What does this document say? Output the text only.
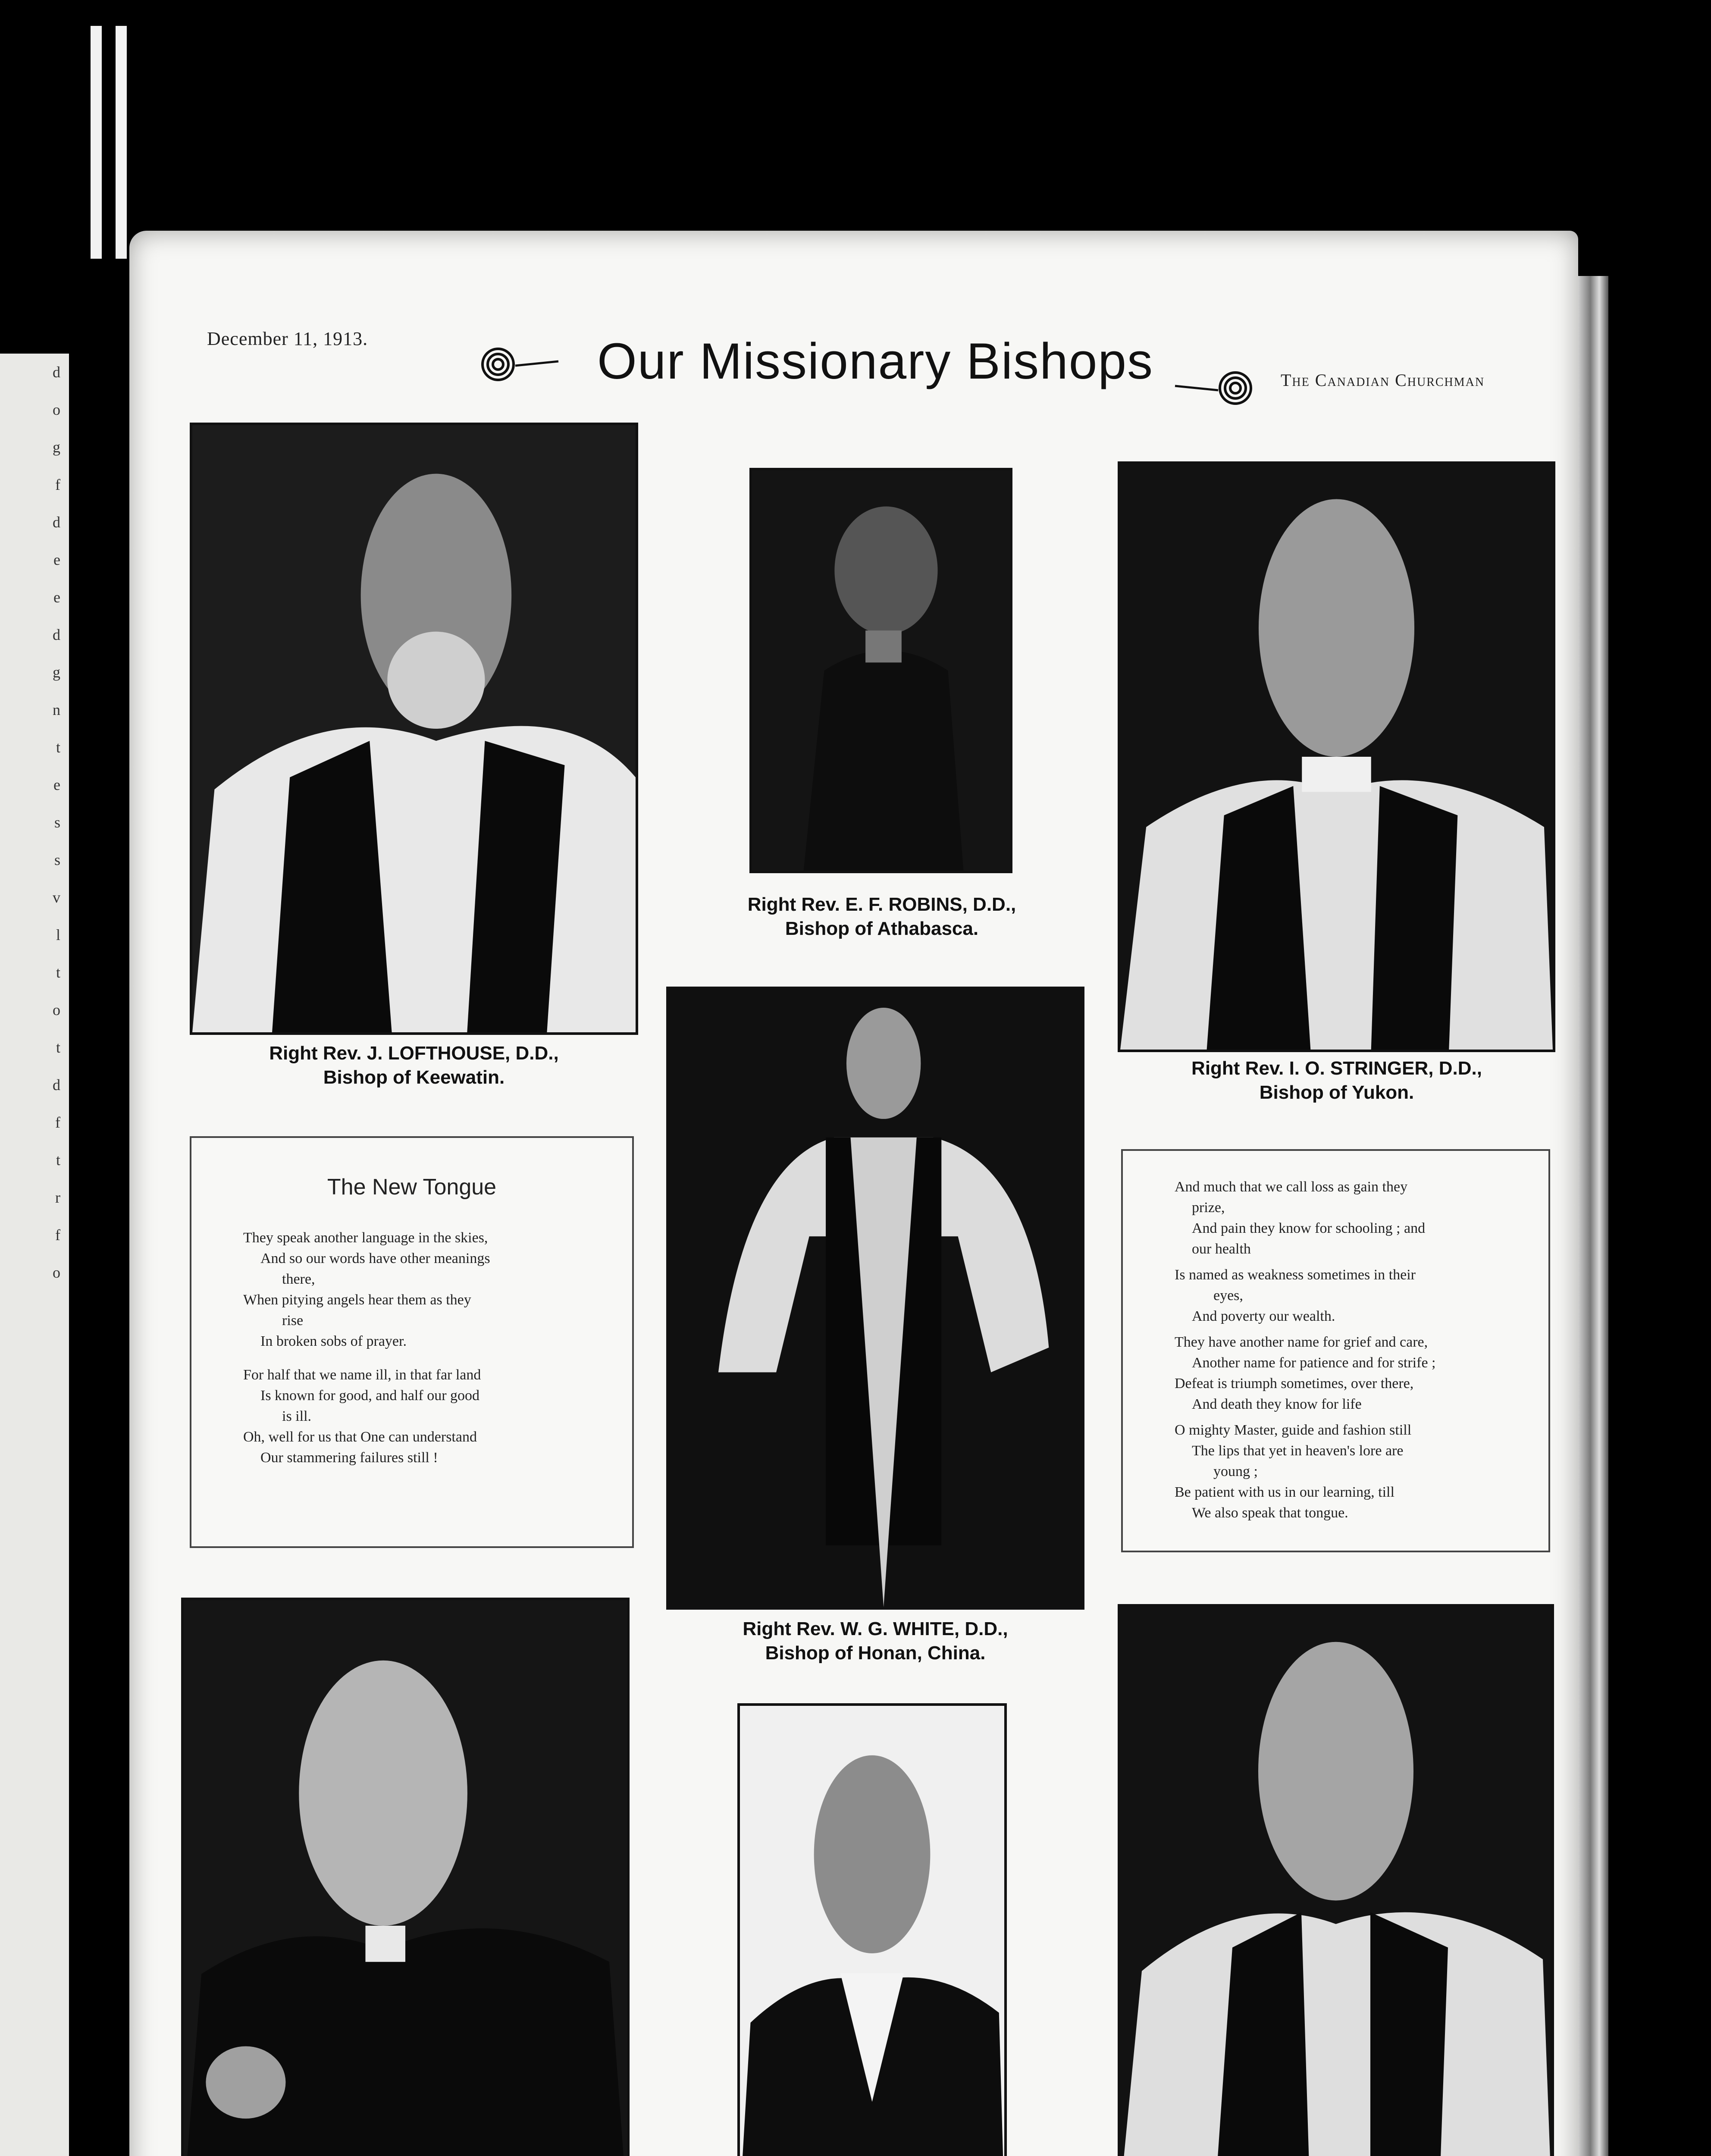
d
o
g
f
d
e
e
d
g
n
t
e
s
s
v
l
t
o
t
d
f
t
r
f
o
December 11, 1913.	Our Missionary Bishops	The Canadian Churchman
Right Rev. J. LOFTHOUSE, D.D.,
Bishop of Keewatin.
Right Rev. E. F. ROBINS, D.D.,
Bishop of Athabasca.
Right Rev. I. O. STRINGER, D.D.,
Bishop of Yukon.
Right Rev. W. G. WHITE, D.D.,
Bishop of Honan, China.
The New Tongue

They speak another language in the skies,

And so our words have other meanings

there,

When pitying angels hear them as they

rise

In broken sobs of prayer.

For half that we name ill, in that far land

Is known for good, and half our good

is ill.

Oh, well for us that One can understand

Our stammering failures still !

And much that we call loss as gain they

prize,

And pain they know for schooling ; and

our health

Is named as weakness sometimes in their

eyes,

And poverty our wealth.

They have another name for grief and care,

Another name for patience and for strife ;

Defeat is triumph sometimes, over there,

And death they know for life

O mighty Master, guide and fashion still

The lips that yet in heaven's lore are

young ;

Be patient with us in our learning, till

We also speak that tongue.
